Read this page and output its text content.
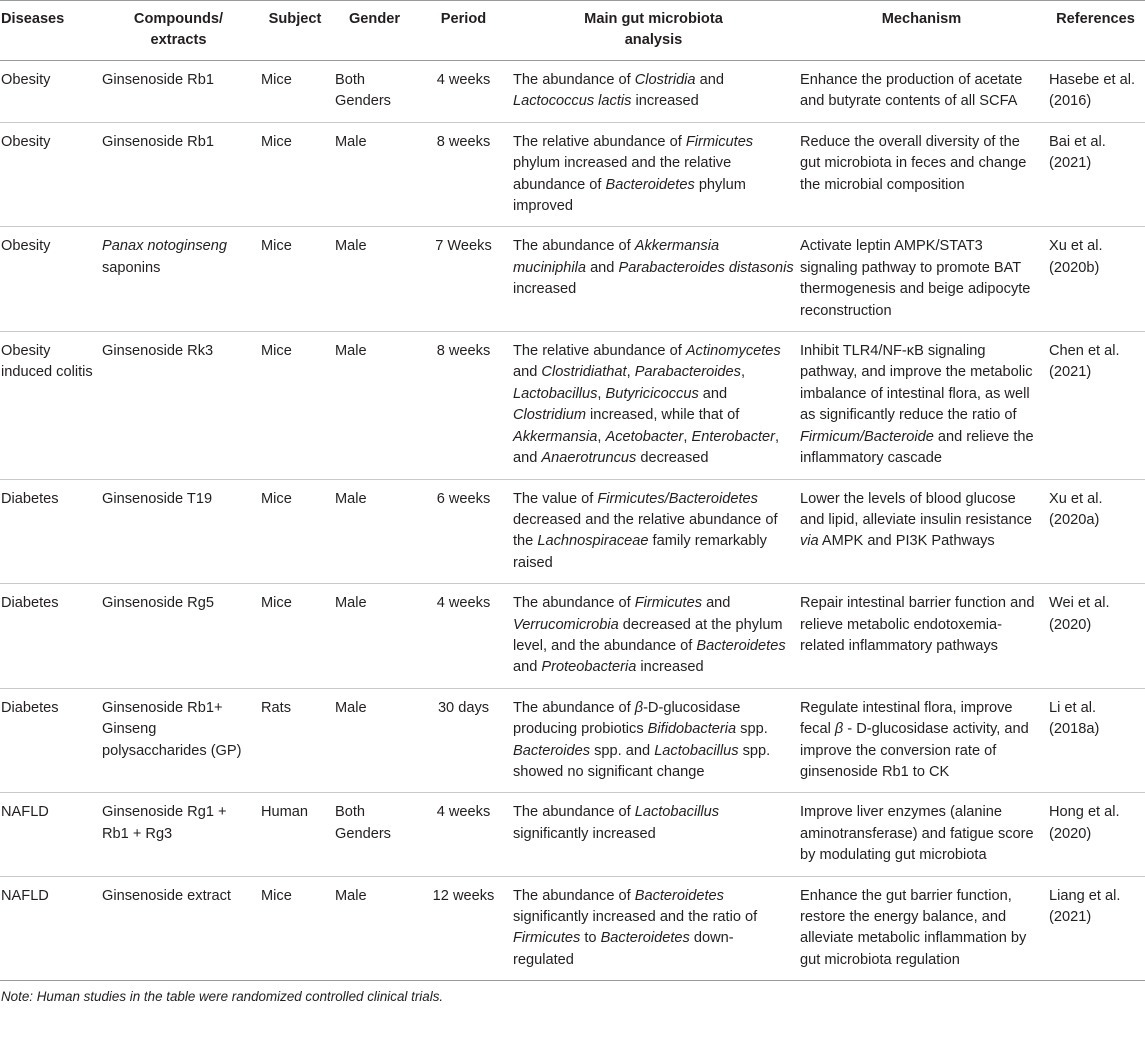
Diseases	Compounds/ extracts	Subject	Gender	Period	Main gut microbiota analysis	Mechanism	References
Obesity	Ginsenoside Rb1	Mice	Both Genders	4 weeks	The abundance of Clostridia and Lactococcus lactis increased	Enhance the production of acetate and butyrate contents of all SCFA	Hasebe et al. (2016)
Obesity	Ginsenoside Rb1	Mice	Male	8 weeks	The relative abundance of Firmicutes phylum increased and the relative abundance of Bacteroidetes phylum improved	Reduce the overall diversity of the gut microbiota in feces and change the microbial composition	Bai et al. (2021)
Obesity	Panax notoginseng saponins	Mice	Male	7 Weeks	The abundance of Akkermansia muciniphila and Parabacteroides distasonis increased	Activate leptin AMPK/STAT3 signaling pathway to promote BAT thermogenesis and beige adipocyte reconstruction	Xu et al. (2020b)
Obesity induced colitis	Ginsenoside Rk3	Mice	Male	8 weeks	The relative abundance of Actinomycetes and Clostridiathat, Parabacteroides, Lactobacillus, Butyricicoccus and Clostridium increased, while that of Akkermansia, Acetobacter, Enterobacter, and Anaerotruncus decreased	Inhibit TLR4/NF-κB signaling pathway, and improve the metabolic imbalance of intestinal flora, as well as significantly reduce the ratio of Firmicum/Bacteroide and relieve the inflammatory cascade	Chen et al. (2021)
Diabetes	Ginsenoside T19	Mice	Male	6 weeks	The value of Firmicutes/Bacteroidetes decreased and the relative abundance of the Lachnospiraceae family remarkably raised	Lower the levels of blood glucose and lipid, alleviate insulin resistance via AMPK and PI3K Pathways	Xu et al. (2020a)
Diabetes	Ginsenoside Rg5	Mice	Male	4 weeks	The abundance of Firmicutes and Verrucomicrobia decreased at the phylum level, and the abundance of Bacteroidetes and Proteobacteria increased	Repair intestinal barrier function and relieve metabolic endotoxemia-related inflammatory pathways	Wei et al. (2020)
Diabetes	Ginsenoside Rb1+ Ginseng polysaccharides (GP)	Rats	Male	30 days	The abundance of β-D-glucosidase producing probiotics Bifidobacteria spp. Bacteroides spp. and Lactobacillus spp. showed no significant change	Regulate intestinal flora, improve fecal β - D-glucosidase activity, and improve the conversion rate of ginsenoside Rb1 to CK	Li et al. (2018a)
NAFLD	Ginsenoside Rg1 + Rb1 + Rg3	Human	Both Genders	4 weeks	The abundance of Lactobacillus significantly increased	Improve liver enzymes (alanine aminotransferase) and fatigue score by modulating gut microbiota	Hong et al. (2020)
NAFLD	Ginsenoside extract	Mice	Male	12 weeks	The abundance of Bacteroidetes significantly increased and the ratio of Firmicutes to Bacteroidetes down-regulated	Enhance the gut barrier function, restore the energy balance, and alleviate metabolic inflammation by gut microbiota regulation	Liang et al. (2021)
Note: Human studies in the table were randomized controlled clinical trials.
